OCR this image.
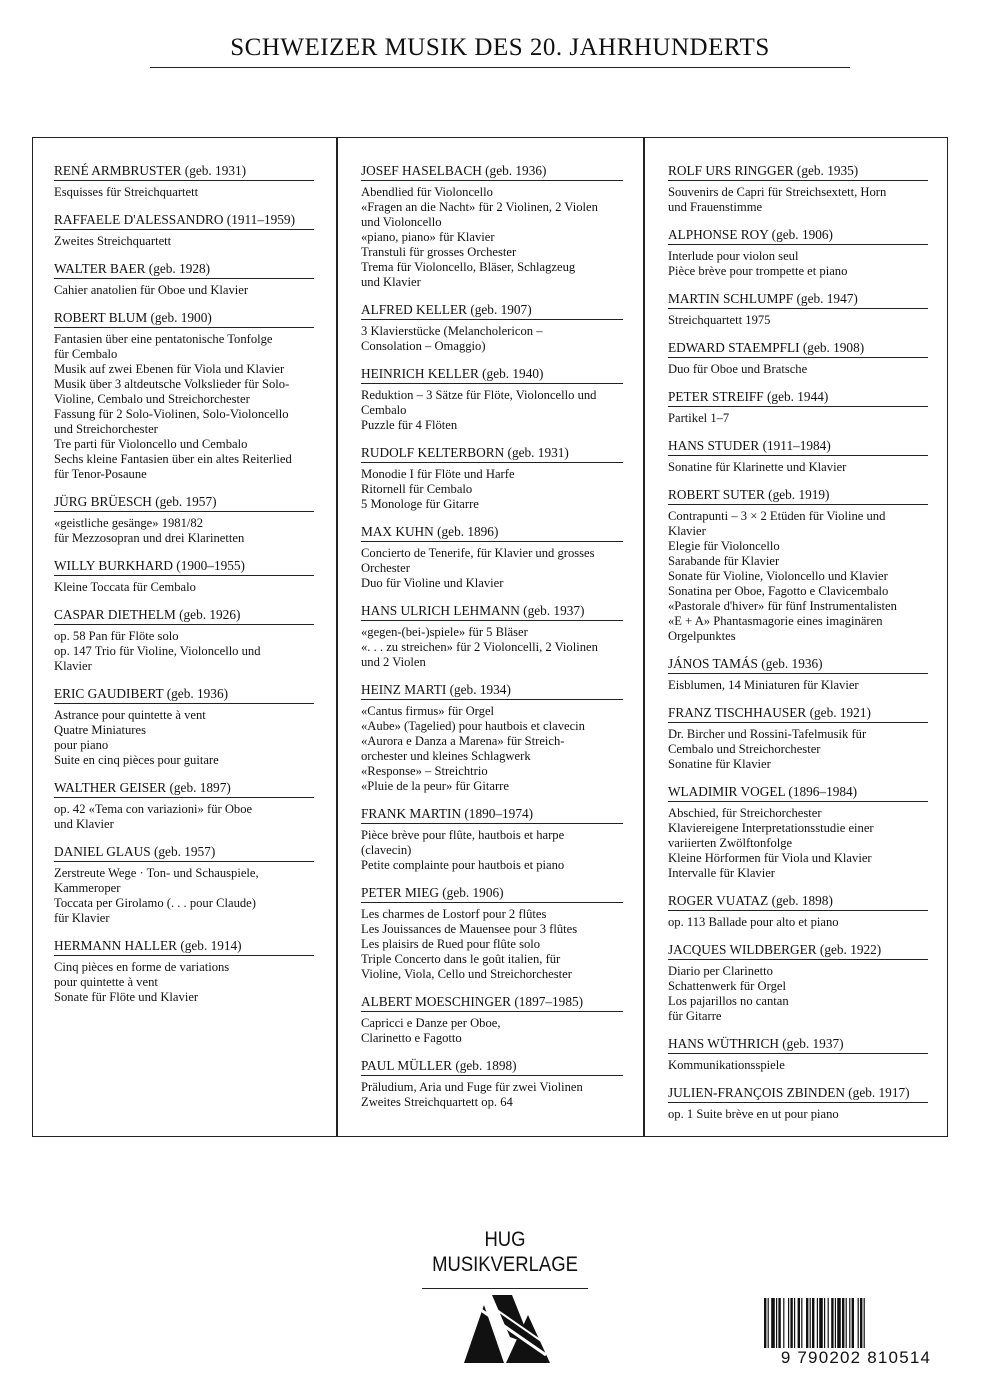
SCHWEIZER MUSIK DES 20. JAHRHUNDERTS
RENÉ ARMBRUSTER (geb. 1931)
Esquisses für Streichquartett
RAFFAELE D'ALESSANDRO (1911–1959)
Zweites Streichquartett
WALTER BAER (geb. 1928)
Cahier anatolien für Oboe und Klavier
ROBERT BLUM (geb. 1900)
Fantasien über eine pentatonische Tonfolge
für Cembalo
Musik auf zwei Ebenen für Viola und Klavier
Musik über 3 altdeutsche Volkslieder für Solo-
Violine, Cembalo und Streichorchester
Fassung für 2 Solo-Violinen, Solo-Violoncello
und Streichorchester
Tre parti für Violoncello und Cembalo
Sechs kleine Fantasien über ein altes Reiterlied
für Tenor-Posaune
JÜRG BRÜESCH (geb. 1957)
«geistliche gesänge» 1981/82
für Mezzosopran und drei Klarinetten
WILLY BURKHARD (1900–1955)
Kleine Toccata für Cembalo
CASPAR DIETHELM (geb. 1926)
op. 58 Pan für Flöte solo
op. 147 Trio für Violine, Violoncello und
Klavier
ERIC GAUDIBERT (geb. 1936)
Astrance pour quintette à vent
Quatre Miniatures
pour piano
Suite en cinq pièces pour guitare
WALTHER GEISER (geb. 1897)
op. 42 «Tema con variazioni» für Oboe
und Klavier
DANIEL GLAUS (geb. 1957)
Zerstreute Wege · Ton- und Schauspiele,
Kammeroper
Toccata per Girolamo (. . . pour Claude)
für Klavier
HERMANN HALLER (geb. 1914)
Cinq pièces en forme de variations
pour quintette à vent
Sonate für Flöte und Klavier
JOSEF HASELBACH (geb. 1936)
Abendlied für Violoncello
«Fragen an die Nacht» für 2 Violinen, 2 Violen
und Violoncello
«piano, piano» für Klavier
Transtuli für grosses Orchester
Trema für Violoncello, Bläser, Schlagzeug
und Klavier
ALFRED KELLER (geb. 1907)
3 Klavierstücke (Melancholericon –
Consolation – Omaggio)
HEINRICH KELLER (geb. 1940)
Reduktion – 3 Sätze für Flöte, Violoncello und
Cembalo
Puzzle für 4 Flöten
RUDOLF KELTERBORN (geb. 1931)
Monodie I für Flöte und Harfe
Ritornell für Cembalo
5 Monologe für Gitarre
MAX KUHN (geb. 1896)
Concierto de Tenerife, für Klavier und grosses
Orchester
Duo für Violine und Klavier
HANS ULRICH LEHMANN (geb. 1937)
«gegen-(bei-)spiele» für 5 Bläser
«. . . zu streichen» für 2 Violoncelli, 2 Violinen
und 2 Violen
HEINZ MARTI (geb. 1934)
«Cantus firmus» für Orgel
«Aube» (Tagelied) pour hautbois et clavecin
«Aurora e Danza a Marena» für Streich-
orchester und kleines Schlagwerk
«Response» – Streichtrio
«Pluie de la peur» für Gitarre
FRANK MARTIN (1890–1974)
Pièce brève pour flûte, hautbois et harpe
(clavecin)
Petite complainte pour hautbois et piano
PETER MIEG (geb. 1906)
Les charmes de Lostorf pour 2 flûtes
Les Jouissances de Mauensee pour 3 flûtes
Les plaisirs de Rued pour flûte solo
Triple Concerto dans le goût italien, für
Violine, Viola, Cello und Streichorchester
ALBERT MOESCHINGER (1897–1985)
Capricci e Danze per Oboe,
Clarinetto e Fagotto
PAUL MÜLLER (geb. 1898)
Präludium, Aria und Fuge für zwei Violinen
Zweites Streichquartett op. 64
ROLF URS RINGGER (geb. 1935)
Souvenirs de Capri für Streichsextett, Horn
und Frauenstimme
ALPHONSE ROY (geb. 1906)
Interlude pour violon seul
Pièce brève pour trompette et piano
MARTIN SCHLUMPF (geb. 1947)
Streichquartett 1975
EDWARD STAEMPFLI (geb. 1908)
Duo für Oboe und Bratsche
PETER STREIFF (geb. 1944)
Partikel 1–7
HANS STUDER (1911–1984)
Sonatine für Klarinette und Klavier
ROBERT SUTER (geb. 1919)
Contrapunti – 3 × 2 Etüden für Violine und
Klavier
Elegie für Violoncello
Sarabande für Klavier
Sonate für Violine, Violoncello und Klavier
Sonatina per Oboe, Fagotto e Clavicembalo
«Pastorale d'hiver» für fünf Instrumentalisten
«E + A» Phantasmagorie eines imaginären
Orgelpunktes
JÁNOS TAMÁS (geb. 1936)
Eisblumen, 14 Miniaturen für Klavier
FRANZ TISCHHAUSER (geb. 1921)
Dr. Bircher und Rossini-Tafelmusik für
Cembalo und Streichorchester
Sonatine für Klavier
WLADIMIR VOGEL (1896–1984)
Abschied, für Streichorchester
Klaviereigene Interpretationsstudie einer
variierten Zwölftonfolge
Kleine Hörformen für Viola und Klavier
Intervalle für Klavier
ROGER VUATAZ (geb. 1898)
op. 113 Ballade pour alto et piano
JACQUES WILDBERGER (geb. 1922)
Diario per Clarinetto
Schattenwerk für Orgel
Los pajarillos no cantan
für Gitarre
HANS WÜTHRICH (geb. 1937)
Kommunikationsspiele
JULIEN-FRANÇOIS ZBINDEN (geb. 1917)
op. 1 Suite brève en ut pour piano
HUG
MUSIKVERLAGE
9 790202 810514
